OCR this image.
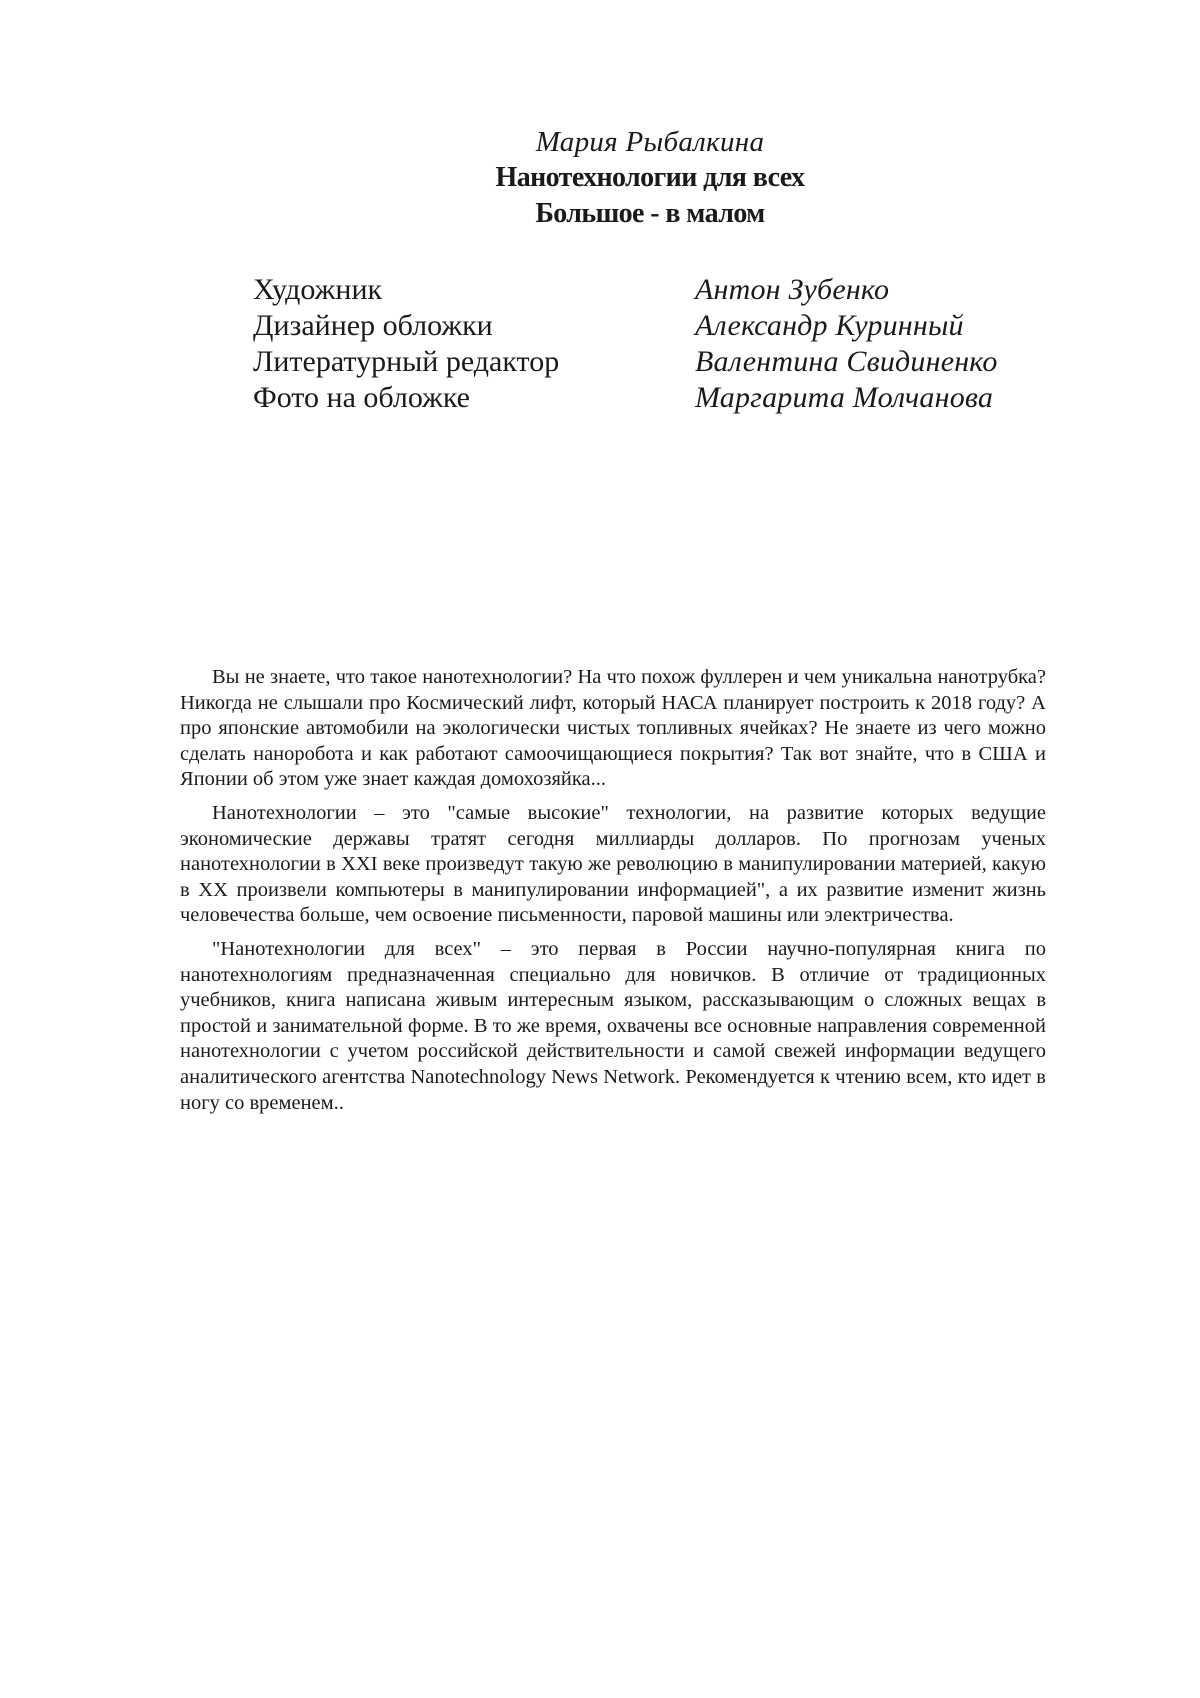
Мария Рыбалкина
Нанотехнологии для всех
Большое - в малом
Художник	Антон Зубенко
Дизайнер обложки	Александр Куринный
Литературный редактор	Валентина Свидиненко
Фото на обложке	Маргарита Молчанова

Вы не знаете, что такое нанотехнологии? На что похож фуллерен и чем уникальна нанотрубка? Никогда не слышали про Космический лифт, который НАСА планирует построить к 2018 году? А про японские автомобили на экологически чистых топливных ячейках? Не знаете из чего можно сделать наноробота и как работают самоочищающиеся покрытия? Так вот знайте, что в США и Японии об этом уже знает каждая домохозяйка...

Нанотехнологии – это "самые высокие" технологии, на развитие которых ведущие экономические державы тратят сегодня миллиарды долларов. По прогнозам ученых нанотехнологии в XXI веке произведут такую же революцию в манипулировании материей, какую в XX произвели компьютеры в манипулировании информацией", а их развитие изменит жизнь человечества больше, чем освоение письменности, паровой машины или электричества.

"Нанотехнологии для всех" – это первая в России научно-популярная книга по нанотехнологиям предназначенная специально для новичков. В отличие от традиционных учебников, книга написана живым интересным языком, рассказывающим о сложных вещах в простой и занимательной форме. В то же время, охвачены все основные направления современной нанотехнологии с учетом российской действительности и самой свежей информации ведущего аналитического агентства Nanotechnology News Network. Рекомендуется к чтению всем, кто идет в ногу со временем..
